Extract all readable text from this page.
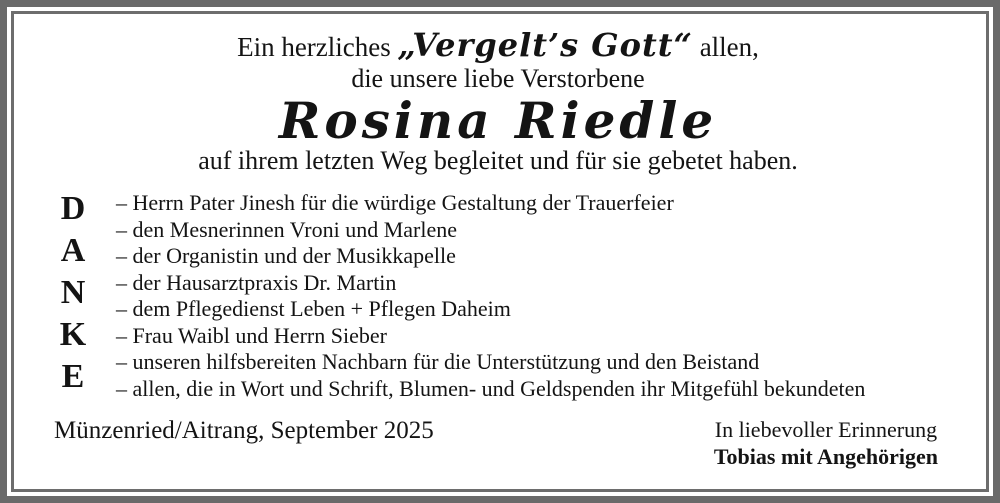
Ein herzliches „Vergelt’s Gott“ allen,
die unsere liebe Verstorbene
Rosina Riedle
auf ihrem letzten Weg begleitet und für sie gebetet haben.
D
A
N
K
E
– Herrn Pater Jinesh für die würdige Gestaltung der Trauerfeier
– den Mesnerinnen Vroni und Marlene
– der Organistin und der Musikkapelle
– der Hausarztpraxis Dr. Martin
– dem Pflegedienst Leben + Pflegen Daheim
– Frau Waibl und Herrn Sieber
– unseren hilfsbereiten Nachbarn für die Unterstützung und den Beistand
– allen, die in Wort und Schrift, Blumen- und Geldspenden ihr Mitgefühl bekundeten
Münzenried/Aitrang, September 2025	In liebevoller Erinnerung
Tobias mit Angehörigen
